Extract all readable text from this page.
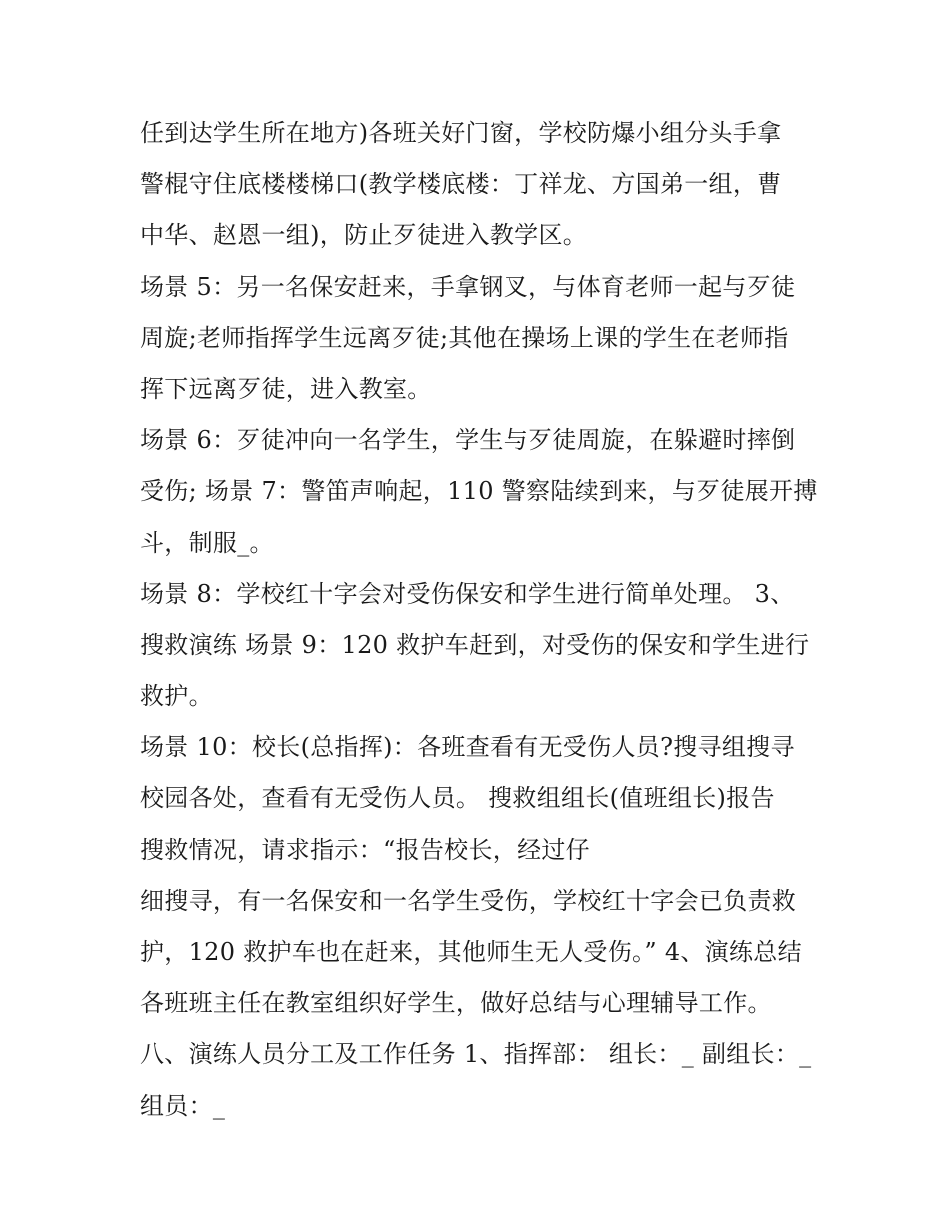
任到达学生所在地方)各班关好门窗，学校防爆小组分头手拿
警棍守住底楼楼梯口(教学楼底楼：丁祥龙、方国弟一组，曹
中华、赵恩一组)，防止歹徒进入教学区。
场景 5：另一名保安赶来，手拿钢叉，与体育老师一起与歹徒
周旋;老师指挥学生远离歹徒;其他在操场上课的学生在老师指
挥下远离歹徒，进入教室。
场景 6：歹徒冲向一名学生，学生与歹徒周旋，在躲避时摔倒
受伤; 场景 7：警笛声响起，110 警察陆续到来，与歹徒展开搏
斗，制服_。
场景 8：学校红十字会对受伤保安和学生进行简单处理。 3、
搜救演练 场景 9：120 救护车赶到，对受伤的保安和学生进行
救护。
场景 10：校长(总指挥)：各班查看有无受伤人员?搜寻组搜寻
校园各处，查看有无受伤人员。 搜救组组长(值班组长)报告
搜救情况，请求指示：“报告校长，经过仔
细搜寻，有一名保安和一名学生受伤，学校红十字会已负责救
护，120 救护车也在赶来，其他师生无人受伤。” 4、演练总结
各班班主任在教室组织好学生，做好总结与心理辅导工作。
八、演练人员分工及工作任务 1、指挥部： 组长：_ 副组长：_
组员：_
